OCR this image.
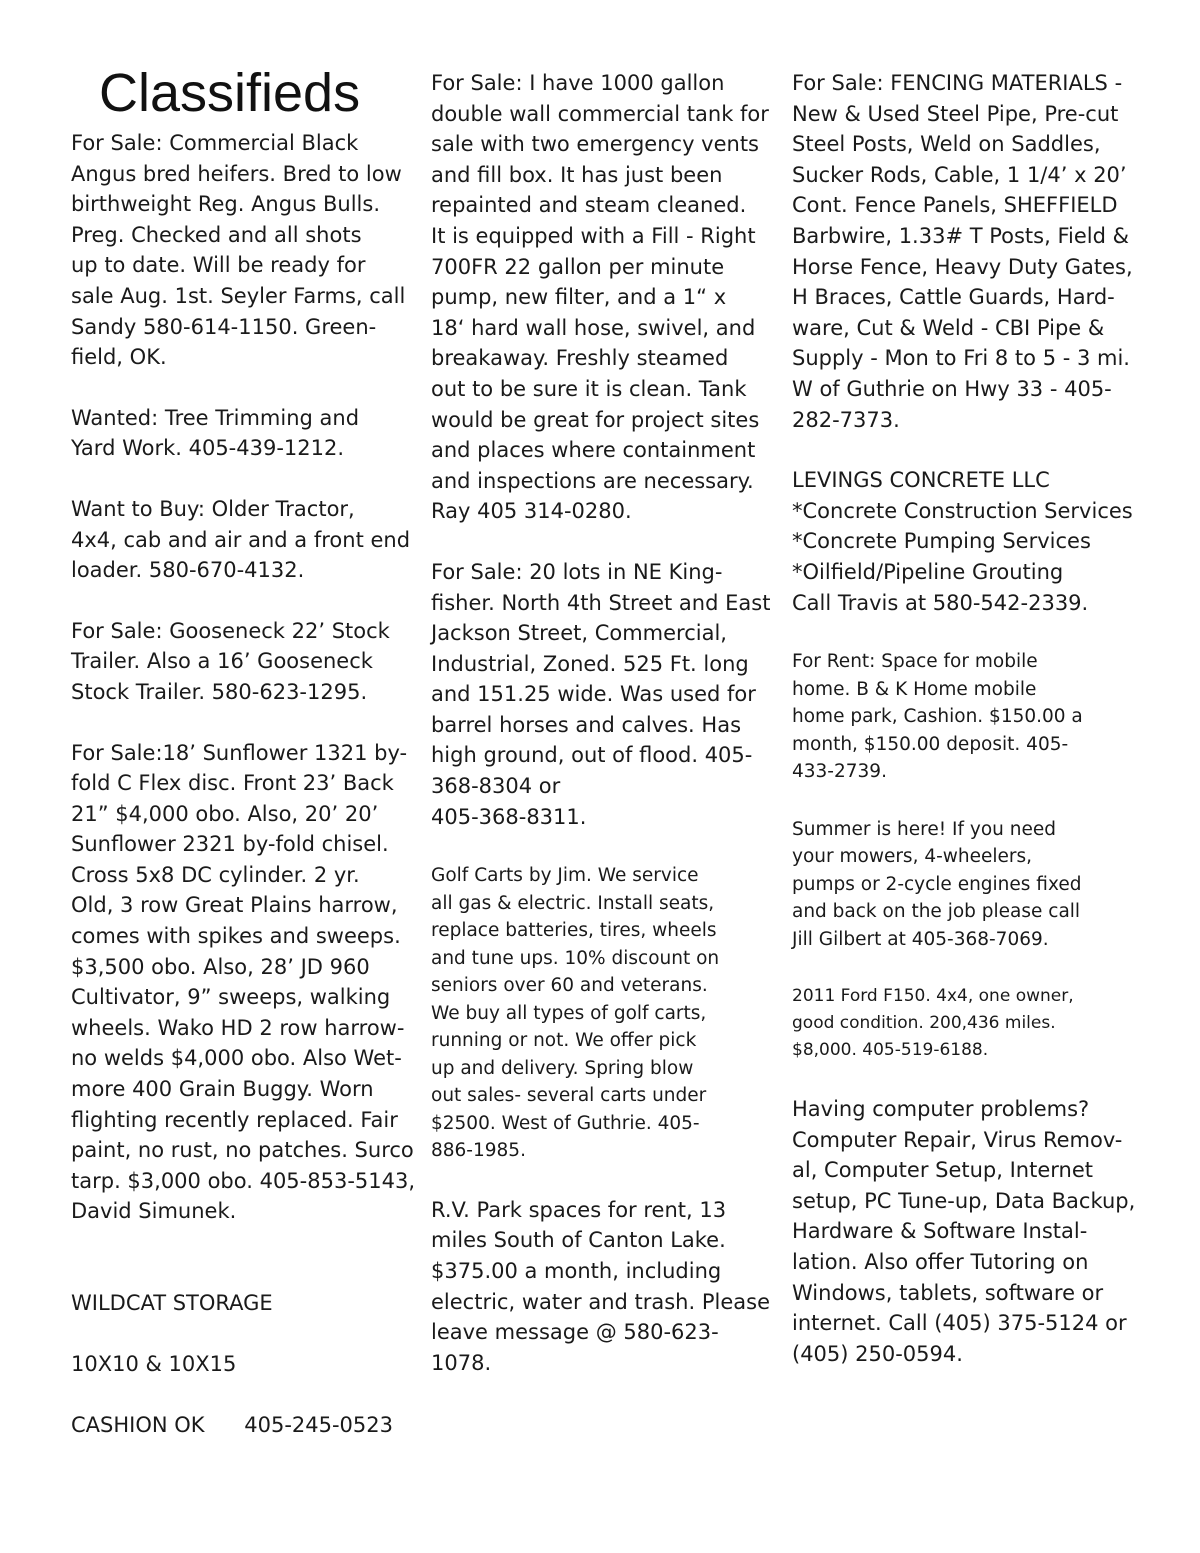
Classifieds

For Sale: Commercial Black
Angus bred heifers. Bred to low
birthweight Reg. Angus Bulls.
Preg. Checked and all shots
up to date. Will be ready for
sale Aug. 1st. Seyler Farms, call
Sandy 580-614-1150. Green-
field, OK.

Wanted: Tree Trimming and
Yard Work. 405-439-1212.

Want to Buy: Older Tractor,
4x4, cab and air and a front end
loader. 580-670-4132.

For Sale: Gooseneck 22’ Stock
Trailer. Also a 16’ Gooseneck
Stock Trailer. 580-623-1295.

For Sale:18’ Sunflower 1321 by-
fold C Flex disc. Front 23’ Back
21” $4,000 obo. Also, 20’ 20’
Sunflower 2321 by-fold chisel.
Cross 5x8 DC cylinder. 2 yr.
Old, 3 row Great Plains harrow,
comes with spikes and sweeps.
$3,500 obo. Also, 28’ JD 960
Cultivator, 9” sweeps, walking
wheels. Wako HD 2 row harrow-
no welds $4,000 obo. Also Wet-
more 400 Grain Buggy. Worn
flighting recently replaced. Fair
paint, no rust, no patches. Surco
tarp. $3,000 obo. 405-853-5143,
David Simunek.

WILDCAT STORAGE

10X10 & 10X15

CASHION OK 405-245-0523

For Sale: I have 1000 gallon
double wall commercial tank for
sale with two emergency vents
and fill box. It has just been
repainted and steam cleaned.
It is equipped with a Fill - Right
700FR 22 gallon per minute
pump, new filter, and a 1“ x
18‘ hard wall hose, swivel, and
breakaway. Freshly steamed
out to be sure it is clean. Tank
would be great for project sites
and places where containment
and inspections are necessary.
Ray 405 314-0280.

For Sale: 20 lots in NE King-
fisher. North 4th Street and East
Jackson Street, Commercial,
Industrial, Zoned. 525 Ft. long
and 151.25 wide. Was used for
barrel horses and calves. Has
high ground, out of flood. 405-
368-8304 or
405-368-8311.

Golf Carts by Jim. We service
all gas & electric. Install seats,
replace batteries, tires, wheels
and tune ups. 10% discount on
seniors over 60 and veterans.
We buy all types of golf carts,
running or not. We offer pick
up and delivery. Spring blow
out sales- several carts under
$2500. West of Guthrie. 405-
886-1985.

R.V. Park spaces for rent, 13
miles South of Canton Lake.
$375.00 a month, including
electric, water and trash. Please
leave message @ 580-623-
1078.

For Sale: FENCING MATERIALS -
New & Used Steel Pipe, Pre-cut
Steel Posts, Weld on Saddles,
Sucker Rods, Cable, 1 1/4’ x 20’
Cont. Fence Panels, SHEFFIELD
Barbwire, 1.33# T Posts, Field &
Horse Fence, Heavy Duty Gates,
H Braces, Cattle Guards, Hard-
ware, Cut & Weld - CBI Pipe &
Supply - Mon to Fri 8 to 5 - 3 mi.
W of Guthrie on Hwy 33 - 405-
282-7373.

LEVINGS CONCRETE LLC
*Concrete Construction Services
*Concrete Pumping Services
*Oilfield/Pipeline Grouting
Call Travis at 580-542-2339.

For Rent: Space for mobile
home. B & K Home mobile
home park, Cashion. $150.00 a
month, $150.00 deposit. 405-
433-2739.

Summer is here! If you need
your mowers, 4-wheelers,
pumps or 2-cycle engines fixed
and back on the job please call
Jill Gilbert at 405-368-7069.

2011 Ford F150. 4x4, one owner,
good condition. 200,436 miles.
$8,000. 405-519-6188.

Having computer problems?
Computer Repair, Virus Remov-
al, Computer Setup, Internet
setup, PC Tune-up, Data Backup,
Hardware & Software Instal-
lation. Also offer Tutoring on
Windows, tablets, software or
internet. Call (405) 375-5124 or
(405) 250-0594.
